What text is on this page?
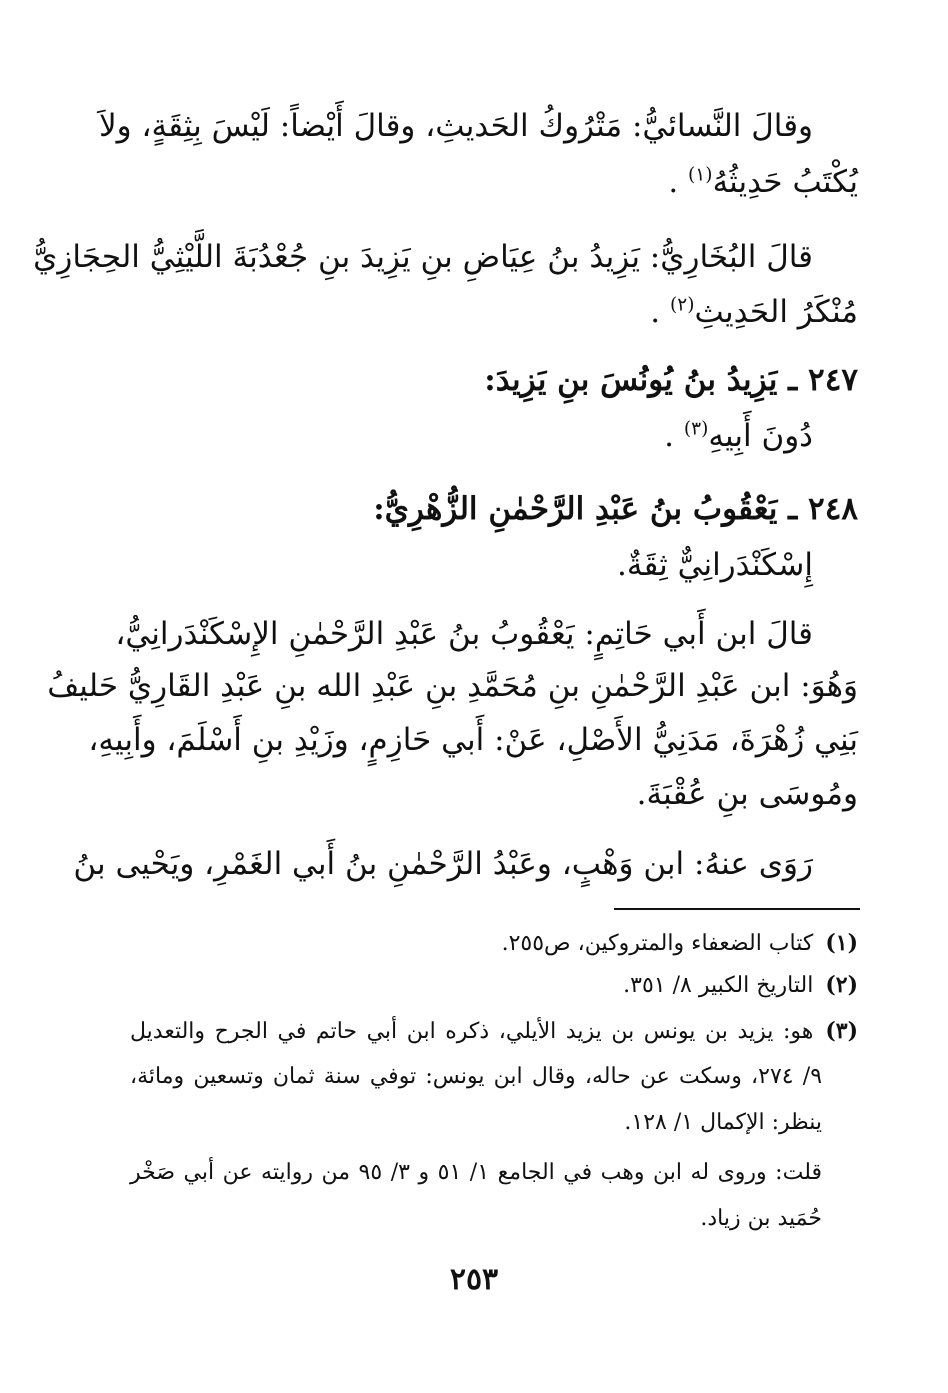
وقالَ النَّسائيُّ: مَتْرُوكُ الحَديثِ، وقالَ أَيْضاً: لَيْسَ بِثِقَةٍ، ولاَ
يُكْتَبُ حَدِيثُهُ$^{(١)}$ .
قالَ البُخَارِيُّ: يَزِيدُ بنُ عِيَاضِ بنِ يَزِيدَ بنِ جُعْدُبَةَ اللَّيْثِيُّ الحِجَازِيُّ
مُنْكَرُ الحَدِيثِ$^{(٢)}$ .
٢٤٧ ـ يَزِيدُ بنُ يُونُسَ بنِ يَزِيدَ:
دُونَ أَبِيهِ$^{(٣)}$ .
٢٤٨ ـ يَعْقُوبُ بنُ عَبْدِ الرَّحْمٰنِ الزُّهْرِيُّ:
إِسْكَنْدَرانِيٌّ ثِقَةٌ.
قالَ ابن أَبي حَاتِمٍ: يَعْقُوبُ بنُ عَبْدِ الرَّحْمٰنِ الإِسْكَنْدَرانِيُّ،
وَهُوَ: ابن عَبْدِ الرَّحْمٰنِ بنِ مُحَمَّدِ بنِ عَبْدِ الله بنِ عَبْدِ القَارِيُّ حَليفُ
بَنِي زُهْرَةَ، مَدَنِيُّ الأَصْلِ، عَنْ: أَبي حَازِمٍ، وزَيْدِ بنِ أَسْلَمَ، وأَبِيهِ،
ومُوسَى بنِ عُقْبَةَ.
رَوَى عنهُ: ابن وَهْبٍ، وعَبْدُ الرَّحْمٰنِ بنُ أَبي الغَمْرِ، ويَحْيى بنُ
(١)كتاب الضعفاء والمتروكين، ص٢٥٥.
(٢)التاريخ الكبير ٨/ ٣٥١.
(٣)هو: يزيد بن يونس بن يزيد الأيلي، ذكره ابن أبي حاتم في الجرح والتعديل
٩/ ٢٧٤، وسكت عن حاله، وقال ابن يونس: توفي سنة ثمان وتسعين ومائة،
ينظر: الإكمال ١/ ١٢٨.
قلت: وروى له ابن وهب في الجامع ١/ ٥١ و ٣/ ٩٥ من روايته عن أبي صَخْر
حُمَيد بن زياد.
٢٥٣
